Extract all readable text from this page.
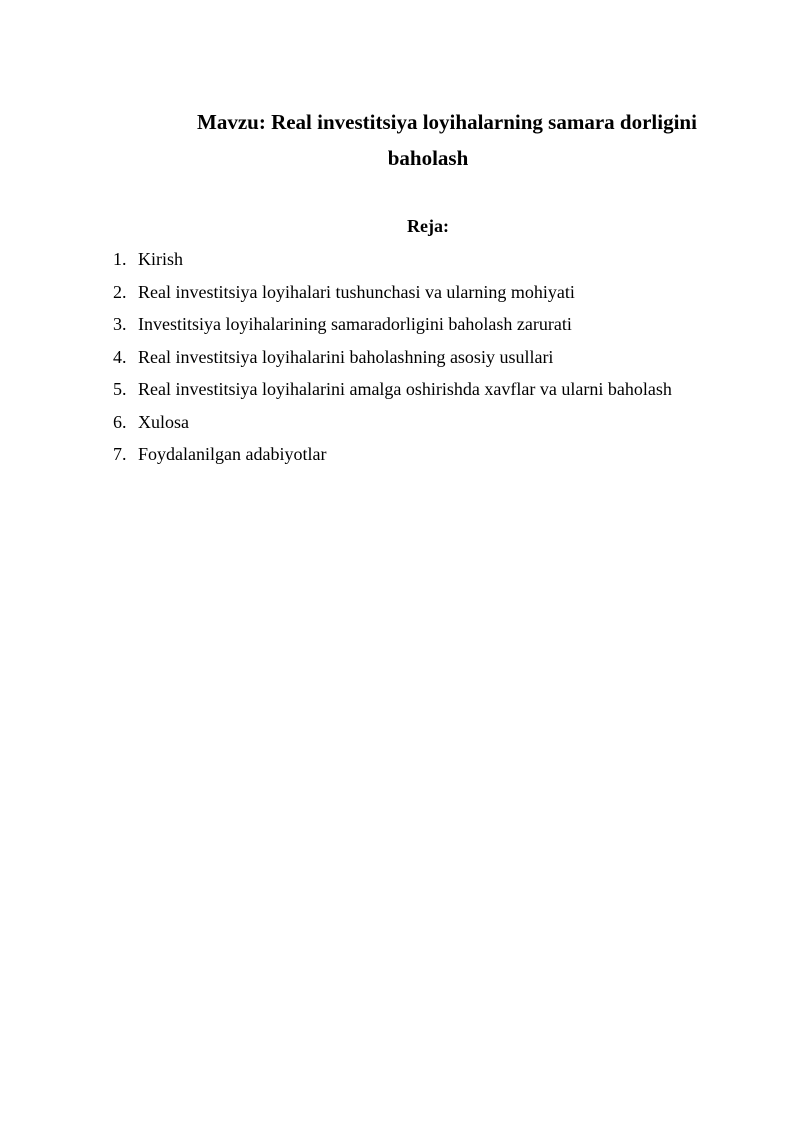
Mavzu: Real investitsiya loyihalarning samara dorligini
baholash
Reja:
1. Kirish
2. Real investitsiya loyihalari tushunchasi va ularning mohiyati
3. Investitsiya loyihalarining samaradorligini baholash zarurati
4. Real investitsiya loyihalarini baholashning asosiy usullari
5. Real investitsiya loyihalarini amalga oshirishda xavflar va ularni baholash
6. Xulosa
7. Foydalanilgan adabiyotlar
